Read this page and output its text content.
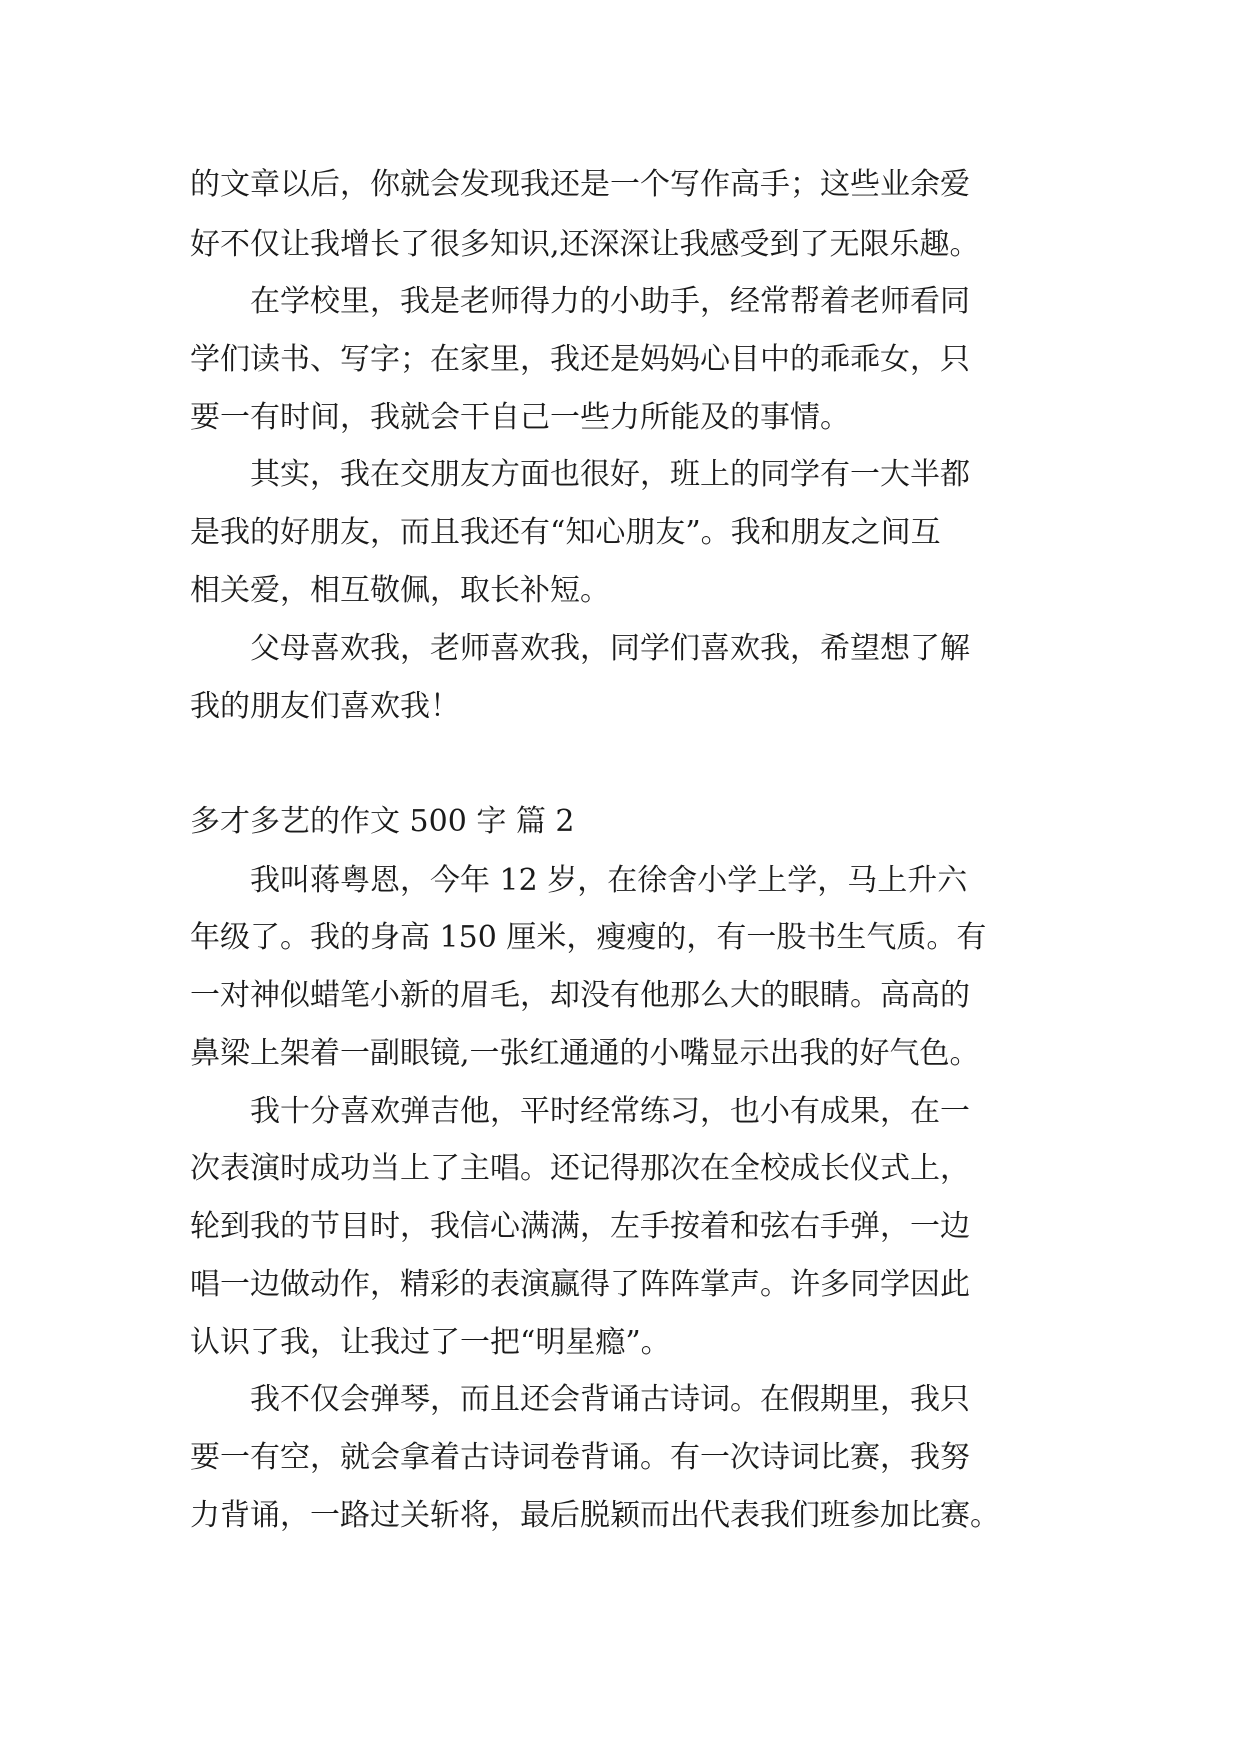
的文章以后，你就会发现我还是一个写作高手；这些业余爱
好不仅让我增长了很多知识,还深深让我感受到了无限乐趣。
　　在学校里，我是老师得力的小助手，经常帮着老师看同
学们读书、写字；在家里，我还是妈妈心目中的乖乖女，只
要一有时间，我就会干自己一些力所能及的事情。
　　其实，我在交朋友方面也很好，班上的同学有一大半都
是我的好朋友，而且我还有“知心朋友”。我和朋友之间互
相关爱，相互敬佩，取长补短。
　　父母喜欢我，老师喜欢我，同学们喜欢我，希望想了解
我的朋友们喜欢我！
多才多艺的作文 500 字 篇 2
　　我叫蒋粤恩，今年 12 岁，在徐舍小学上学，马上升六
年级了。我的身高 150 厘米，瘦瘦的，有一股书生气质。有
一对神似蜡笔小新的眉毛，却没有他那么大的眼睛。高高的
鼻梁上架着一副眼镜,一张红通通的小嘴显示出我的好气色。
　　我十分喜欢弹吉他，平时经常练习，也小有成果，在一
次表演时成功当上了主唱。还记得那次在全校成长仪式上，
轮到我的节目时，我信心满满，左手按着和弦右手弹，一边
唱一边做动作，精彩的表演赢得了阵阵掌声。许多同学因此
认识了我，让我过了一把“明星瘾”。
　　我不仅会弹琴，而且还会背诵古诗词。在假期里，我只
要一有空，就会拿着古诗词卷背诵。有一次诗词比赛，我努
力背诵，一路过关斩将，最后脱颖而出代表我们班参加比赛。
